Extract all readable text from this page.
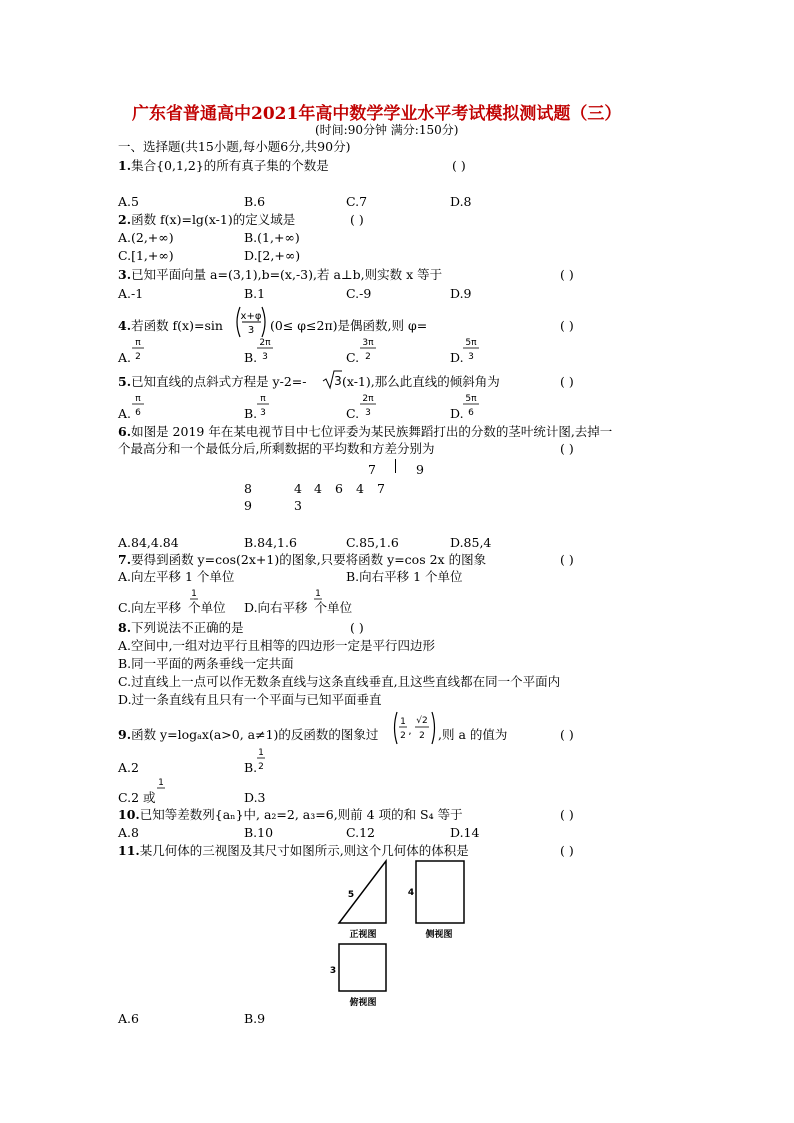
广东省普通高中2021年高中数学学业水平考试模拟测试题（三）
(时间:90分钟 满分:150分)
一、选择题(共15小题,每小题6分,共90分)
1.集合{0,1,2}的所有真子集的个数是	( )
A.5	B.6	C.7	D.8
2.函数 f(x)=lg(x-1)的定义域是	( )
A.(2,+∞)	B.(1,+∞)
C.[1,+∞)	D.[2,+∞)
3.已知平面向量 a=(3,1),b=(x,-3),若 a⊥b,则实数 x 等于	( )
A.-1	B.1	C.-9	D.9
4.若函数 f(x)=sin
x+φ
3 (0≤ φ≤2π)是偶函数,则 φ=	( )
A.
π
2	B.
2π
3	C.
3π
2	D.
5π
3
5.已知直线的点斜式方程是 y-2=- 3 (x-1),那么此直线的倾斜角为	( )
A.
π
6	B.
π
3	C.
2π
3	D.
5π
6
6.如图是 2019 年在某电视节目中七位评委为某民族舞蹈打出的分数的茎叶统计图,去掉一
个最高分和一个最低分后,所剩数据的平均数和方差分别为	( )
7	9
8	4 4 6 4 7
9	3
A.84,4.84	B.84,1.6	C.85,1.6	D.85,4
7.要得到函数 y=cos(2x+1)的图象,只要将函数 y=cos 2x 的图象	( )
A.向左平移 1 个单位	B.向右平移 1 个单位
C.向左平移 个单位
1
D.向右平移 个单位
1
8.下列说法不正确的是	( )
A.空间中,一组对边平行且相等的四边形一定是平行四边形
B.同一平面的两条垂线一定共面
C.过直线上一点可以作无数条直线与这条直线垂直,且这些直线都在同一个平面内
D.过一条直线有且只有一个平面与已知平面垂直
9.函数 y=logax(a>0, a≠1)的反函数的图象过
1
2 ,
√2
2 ,则 a 的值为	( )
A.2	B.
1
2
C.2 或
1
D.3
10.已知等差数列{aₙ}中, a₂=2, a₃=6,则前 4 项的和 S₄ 等于	( )
A.8	B.10	C.12	D.14
11.某几何体的三视图及其尺寸如图所示,则这个几何体的体积是	( )
5
正视图
4
侧视图
3
俯视图
A.6	B.9
